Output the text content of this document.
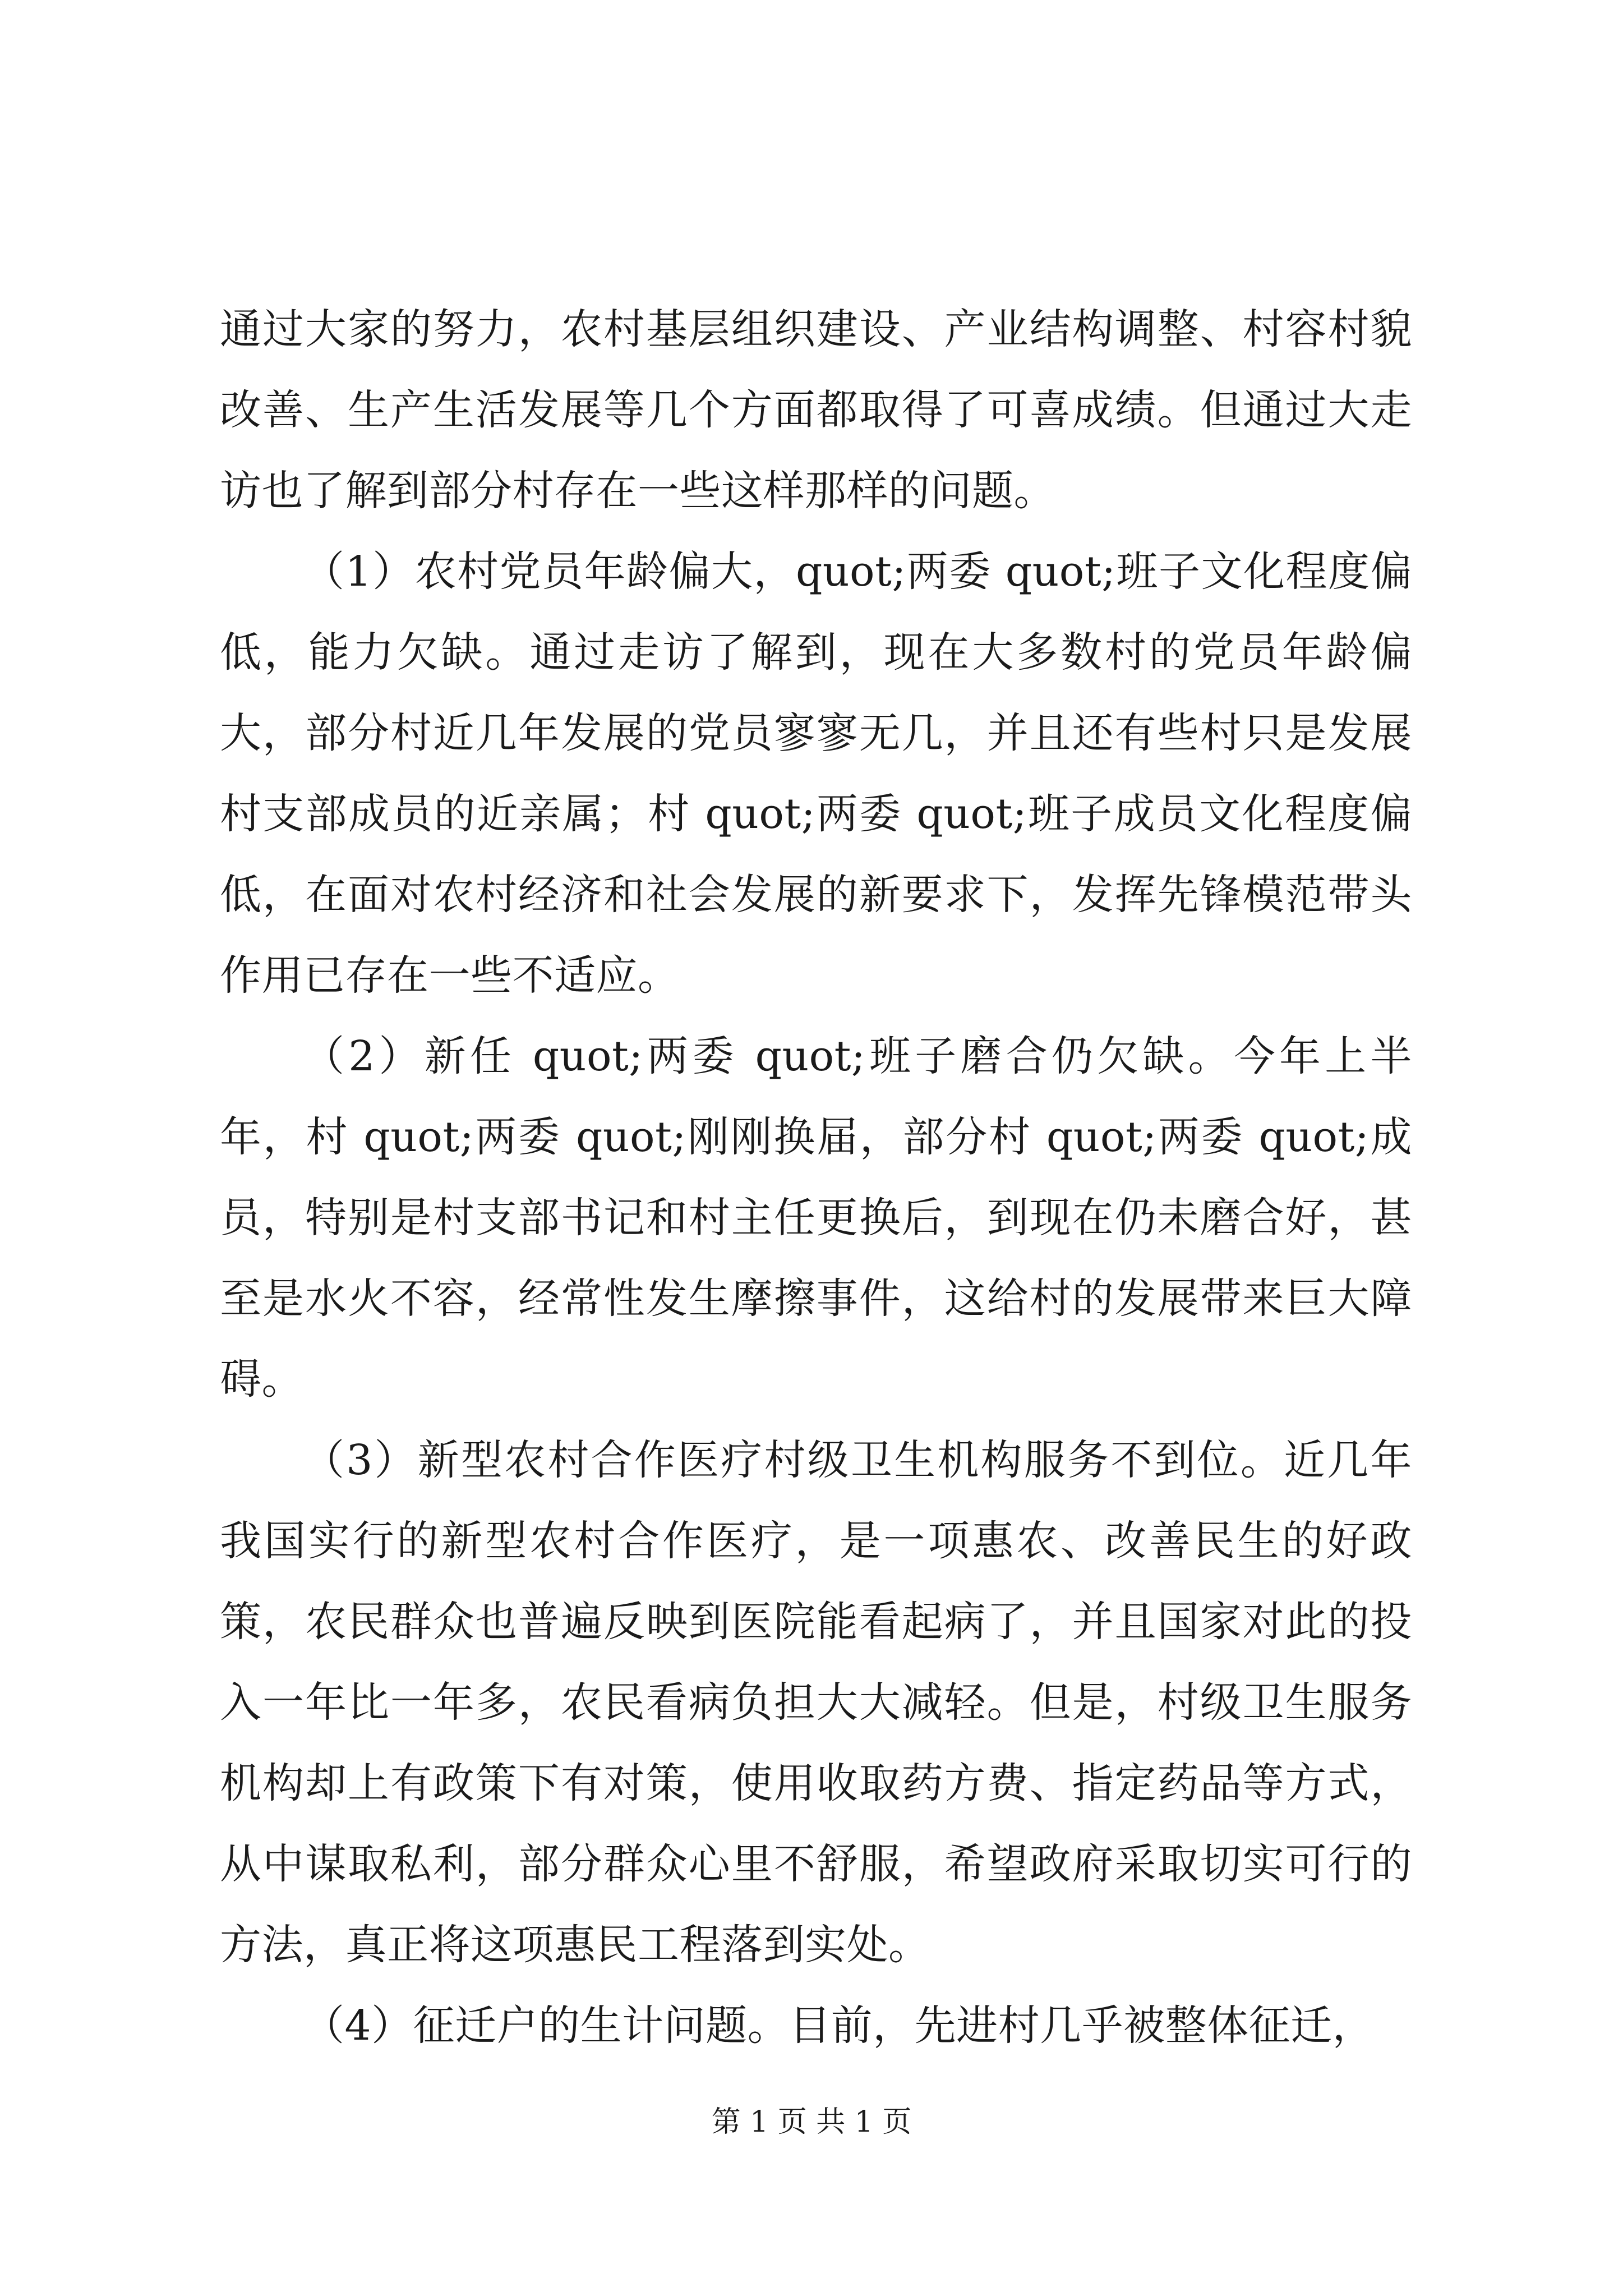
通过大家的努力，农村基层组织建设、产业结构调整、村容村貌改善、生产生活发展等几个方面都取得了可喜成绩。但通过大走访也了解到部分村存在一些这样那样的问题。

（1）农村党员年龄偏大，quot;两委 quot;班子文化程度偏低，能力欠缺。通过走访了解到，现在大多数村的党员年龄偏大，部分村近几年发展的党员寥寥无几，并且还有些村只是发展村支部成员的近亲属；村 quot;两委 quot;班子成员文化程度偏低，在面对农村经济和社会发展的新要求下，发挥先锋模范带头作用已存在一些不适应。

（2）新任 quot;两委 quot;班子磨合仍欠缺。今年上半年，村 quot;两委 quot;刚刚换届，部分村 quot;两委 quot;成员，特别是村支部书记和村主任更换后，到现在仍未磨合好，甚至是水火不容，经常性发生摩擦事件，这给村的发展带来巨大障碍。

（3）新型农村合作医疗村级卫生机构服务不到位。近几年我国实行的新型农村合作医疗，是一项惠农、改善民生的好政策，农民群众也普遍反映到医院能看起病了，并且国家对此的投入一年比一年多，农民看病负担大大减轻。但是，村级卫生服务机构却上有政策下有对策，使用收取药方费、指定药品等方式，从中谋取私利，部分群众心里不舒服，希望政府采取切实可行的方法，真正将这项惠民工程落到实处。

（4）征迁户的生计问题。目前，先进村几乎被整体征迁，

第 1 页 共 1 页
